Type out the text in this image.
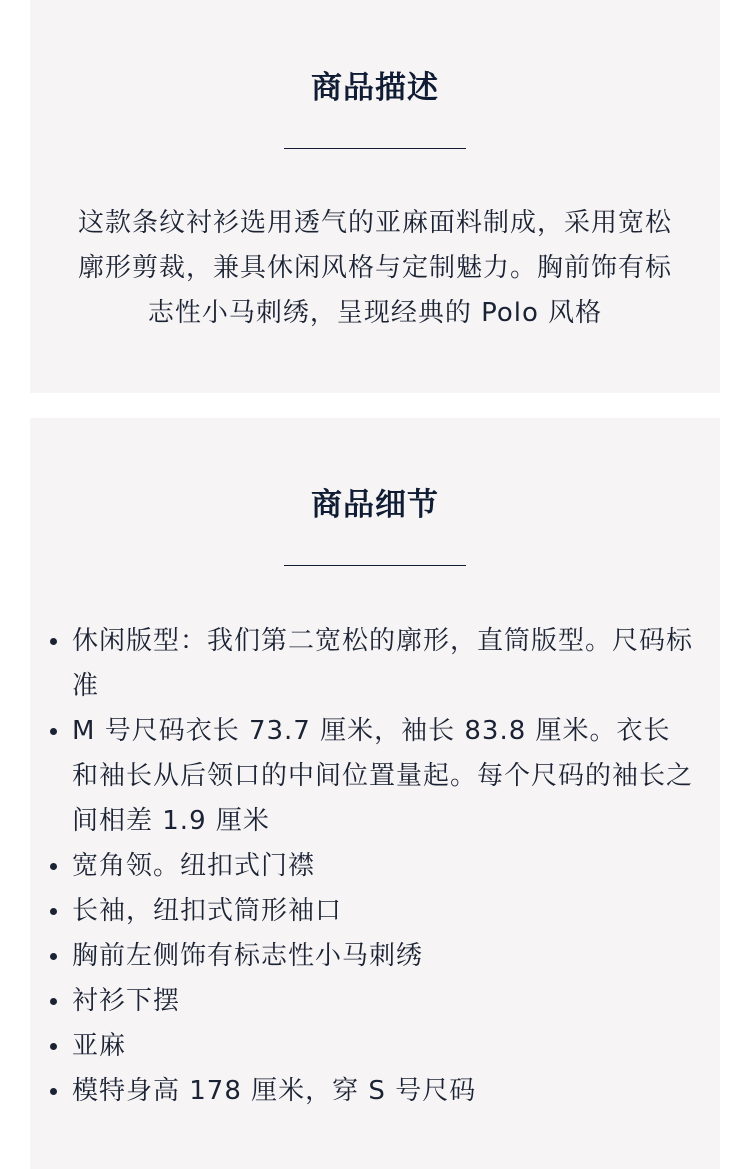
商品描述

这款条纹衬衫选用透气的亚麻面料制成，采用宽松廓形剪裁，兼具休闲风格与定制魅力。胸前饰有标志性小马刺绣，呈现经典的 Polo 风格

商品细节
休闲版型：我们第二宽松的廓形，直筒版型。尺码标准
M 号尺码衣长 73.7 厘米，袖长 83.8 厘米。衣长和袖长从后领口的中间位置量起。每个尺码的袖长之间相差 1.9 厘米
宽角领。纽扣式门襟
长袖，纽扣式筒形袖口
胸前左侧饰有标志性小马刺绣
衬衫下摆
亚麻
模特身高 178 厘米，穿 S 号尺码
